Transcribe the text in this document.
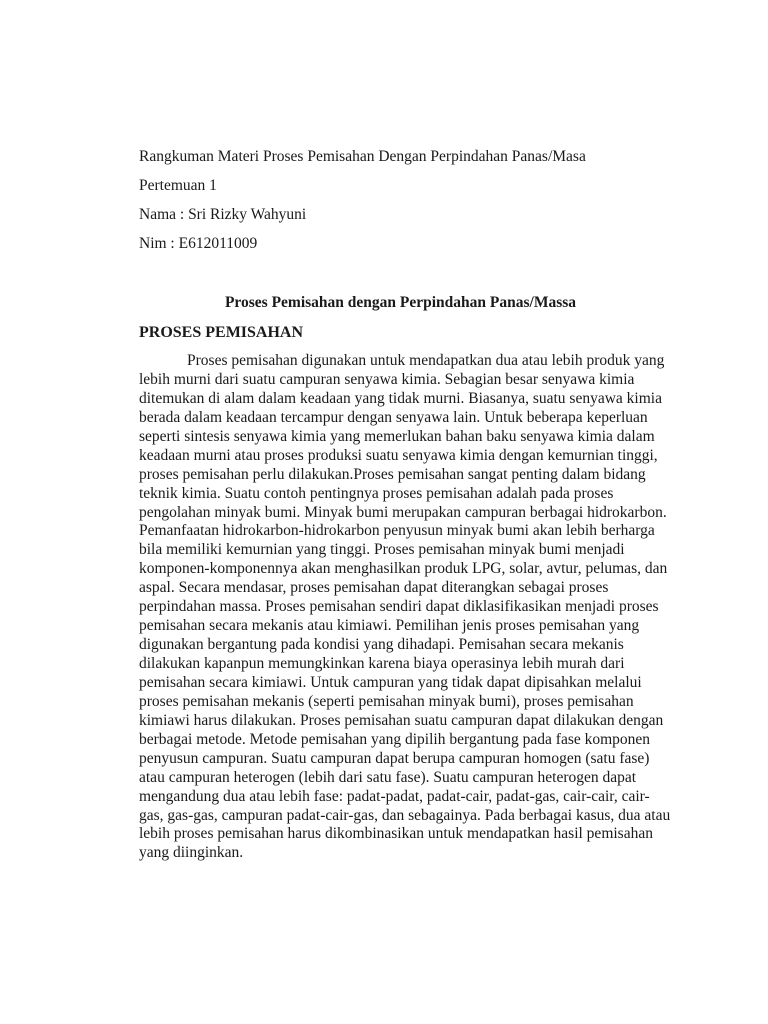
Rangkuman Materi Proses Pemisahan Dengan Perpindahan Panas/Masa
Pertemuan 1
Nama : Sri Rizky Wahyuni
Nim : E612011009
Proses Pemisahan dengan Perpindahan Panas/Massa
PROSES PEMISAHAN
Proses pemisahan digunakan untuk mendapatkan dua atau lebih produk yang
lebih murni dari suatu campuran senyawa kimia. Sebagian besar senyawa kimia
ditemukan di alam dalam keadaan yang tidak murni. Biasanya, suatu senyawa kimia
berada dalam keadaan tercampur dengan senyawa lain. Untuk beberapa keperluan
seperti sintesis senyawa kimia yang memerlukan bahan baku senyawa kimia dalam
keadaan murni atau proses produksi suatu senyawa kimia dengan kemurnian tinggi,
proses pemisahan perlu dilakukan.Proses pemisahan sangat penting dalam bidang
teknik kimia. Suatu contoh pentingnya proses pemisahan adalah pada proses
pengolahan minyak bumi. Minyak bumi merupakan campuran berbagai hidrokarbon.
Pemanfaatan hidrokarbon-hidrokarbon penyusun minyak bumi akan lebih berharga
bila memiliki kemurnian yang tinggi. Proses pemisahan minyak bumi menjadi
komponen-komponennya akan menghasilkan produk LPG, solar, avtur, pelumas, dan
aspal. Secara mendasar, proses pemisahan dapat diterangkan sebagai proses
perpindahan massa. Proses pemisahan sendiri dapat diklasifikasikan menjadi proses
pemisahan secara mekanis atau kimiawi. Pemilihan jenis proses pemisahan yang
digunakan bergantung pada kondisi yang dihadapi. Pemisahan secara mekanis
dilakukan kapanpun memungkinkan karena biaya operasinya lebih murah dari
pemisahan secara kimiawi. Untuk campuran yang tidak dapat dipisahkan melalui
proses pemisahan mekanis (seperti pemisahan minyak bumi), proses pemisahan
kimiawi harus dilakukan. Proses pemisahan suatu campuran dapat dilakukan dengan
berbagai metode. Metode pemisahan yang dipilih bergantung pada fase komponen
penyusun campuran. Suatu campuran dapat berupa campuran homogen (satu fase)
atau campuran heterogen (lebih dari satu fase). Suatu campuran heterogen dapat
mengandung dua atau lebih fase: padat-padat, padat-cair, padat-gas, cair-cair, cair-
gas, gas-gas, campuran padat-cair-gas, dan sebagainya. Pada berbagai kasus, dua atau
lebih proses pemisahan harus dikombinasikan untuk mendapatkan hasil pemisahan
yang diinginkan.
